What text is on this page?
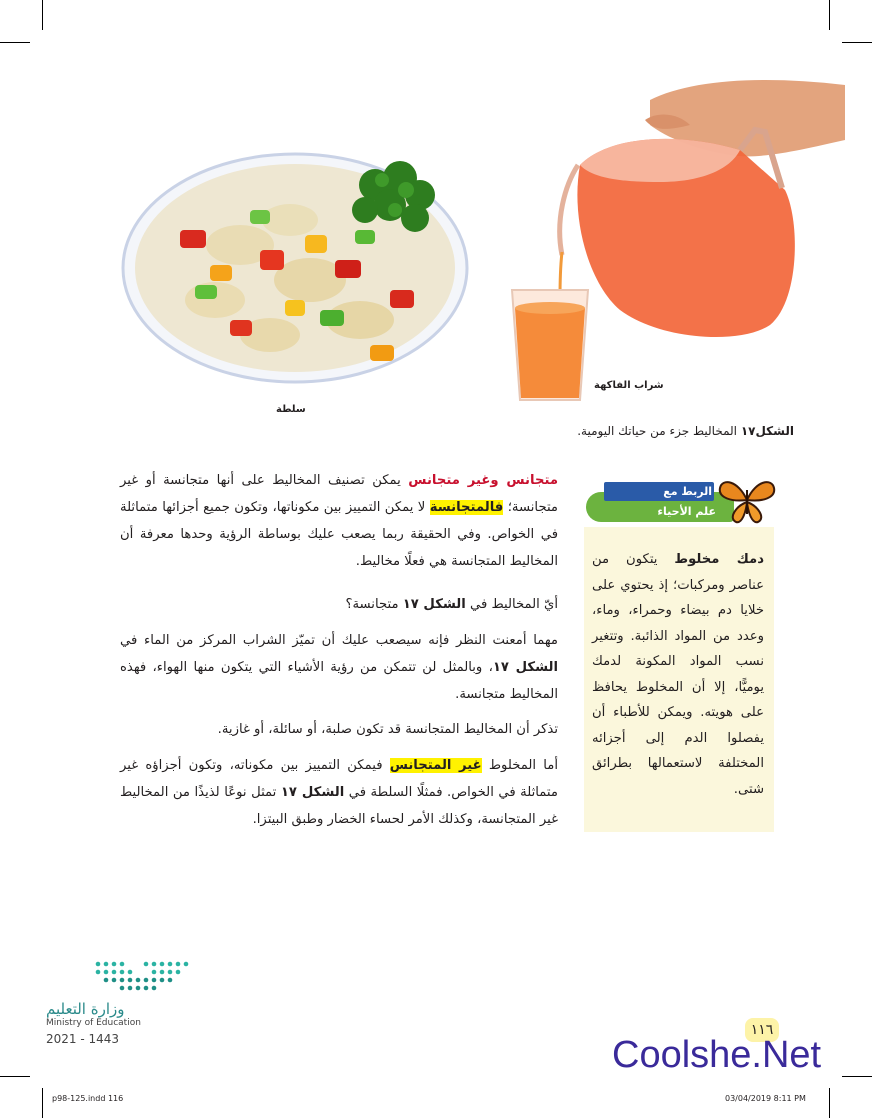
سلطة
شراب الفاكهة
الشكل١٧ المخاليط جزء من حياتك اليومية.
دمك مخلوط يتكون من عناصر ومركبات؛ إذ يحتوي على خلايا دم بيضاء وحمراء، وماء، وعدد من المواد الذائبة. وتتغير نسب المواد المكونة لدمك يوميًّا، إلا أن المخلوط يحافظ على هويته. ويمكن للأطباء أن يفصلوا الدم إلى أجزائه المختلفة لاستعمالها بطرائق شتى.
الربط مع
علم الأحياء
متجانس وغير متجانس يمكن تصنيف المخاليط على أنها متجانسة أو غير متجانسة؛ فالمتجانسة لا يمكن التمييز بين مكوناتها، وتكون جميع أجزائها متماثلة في الخواص. وفي الحقيقة ربما يصعب عليك بوساطة الرؤية وحدها معرفة أن المخاليط المتجانسة هي فعلًا مخاليط.
أيّ المخاليط في الشكل ١٧ متجانسة؟
مهما أمعنت النظر فإنه سيصعب عليك أن تميّز الشراب المركز من الماء في الشكل ١٧، وبالمثل لن تتمكن من رؤية الأشياء التي يتكون منها الهواء، فهذه المخاليط متجانسة.
تذكر أن المخاليط المتجانسة قد تكون صلبة، أو سائلة، أو غازية.
أما المخلوط غير المتجانس فيمكن التمييز بين مكوناته، وتكون أجزاؤه غير متماثلة في الخواص. فمثلًا السلطة في الشكل ١٧ تمثل نوعًا لذيذًا من المخاليط غير المتجانسة، وكذلك الأمر لحساء الخضار وطبق البيتزا.
١١٦
Coolshe.Net
وزارة التعليم
Ministry of Education
2021 - 1443
p98-125.indd 116	03/04/2019 8:11 PM
